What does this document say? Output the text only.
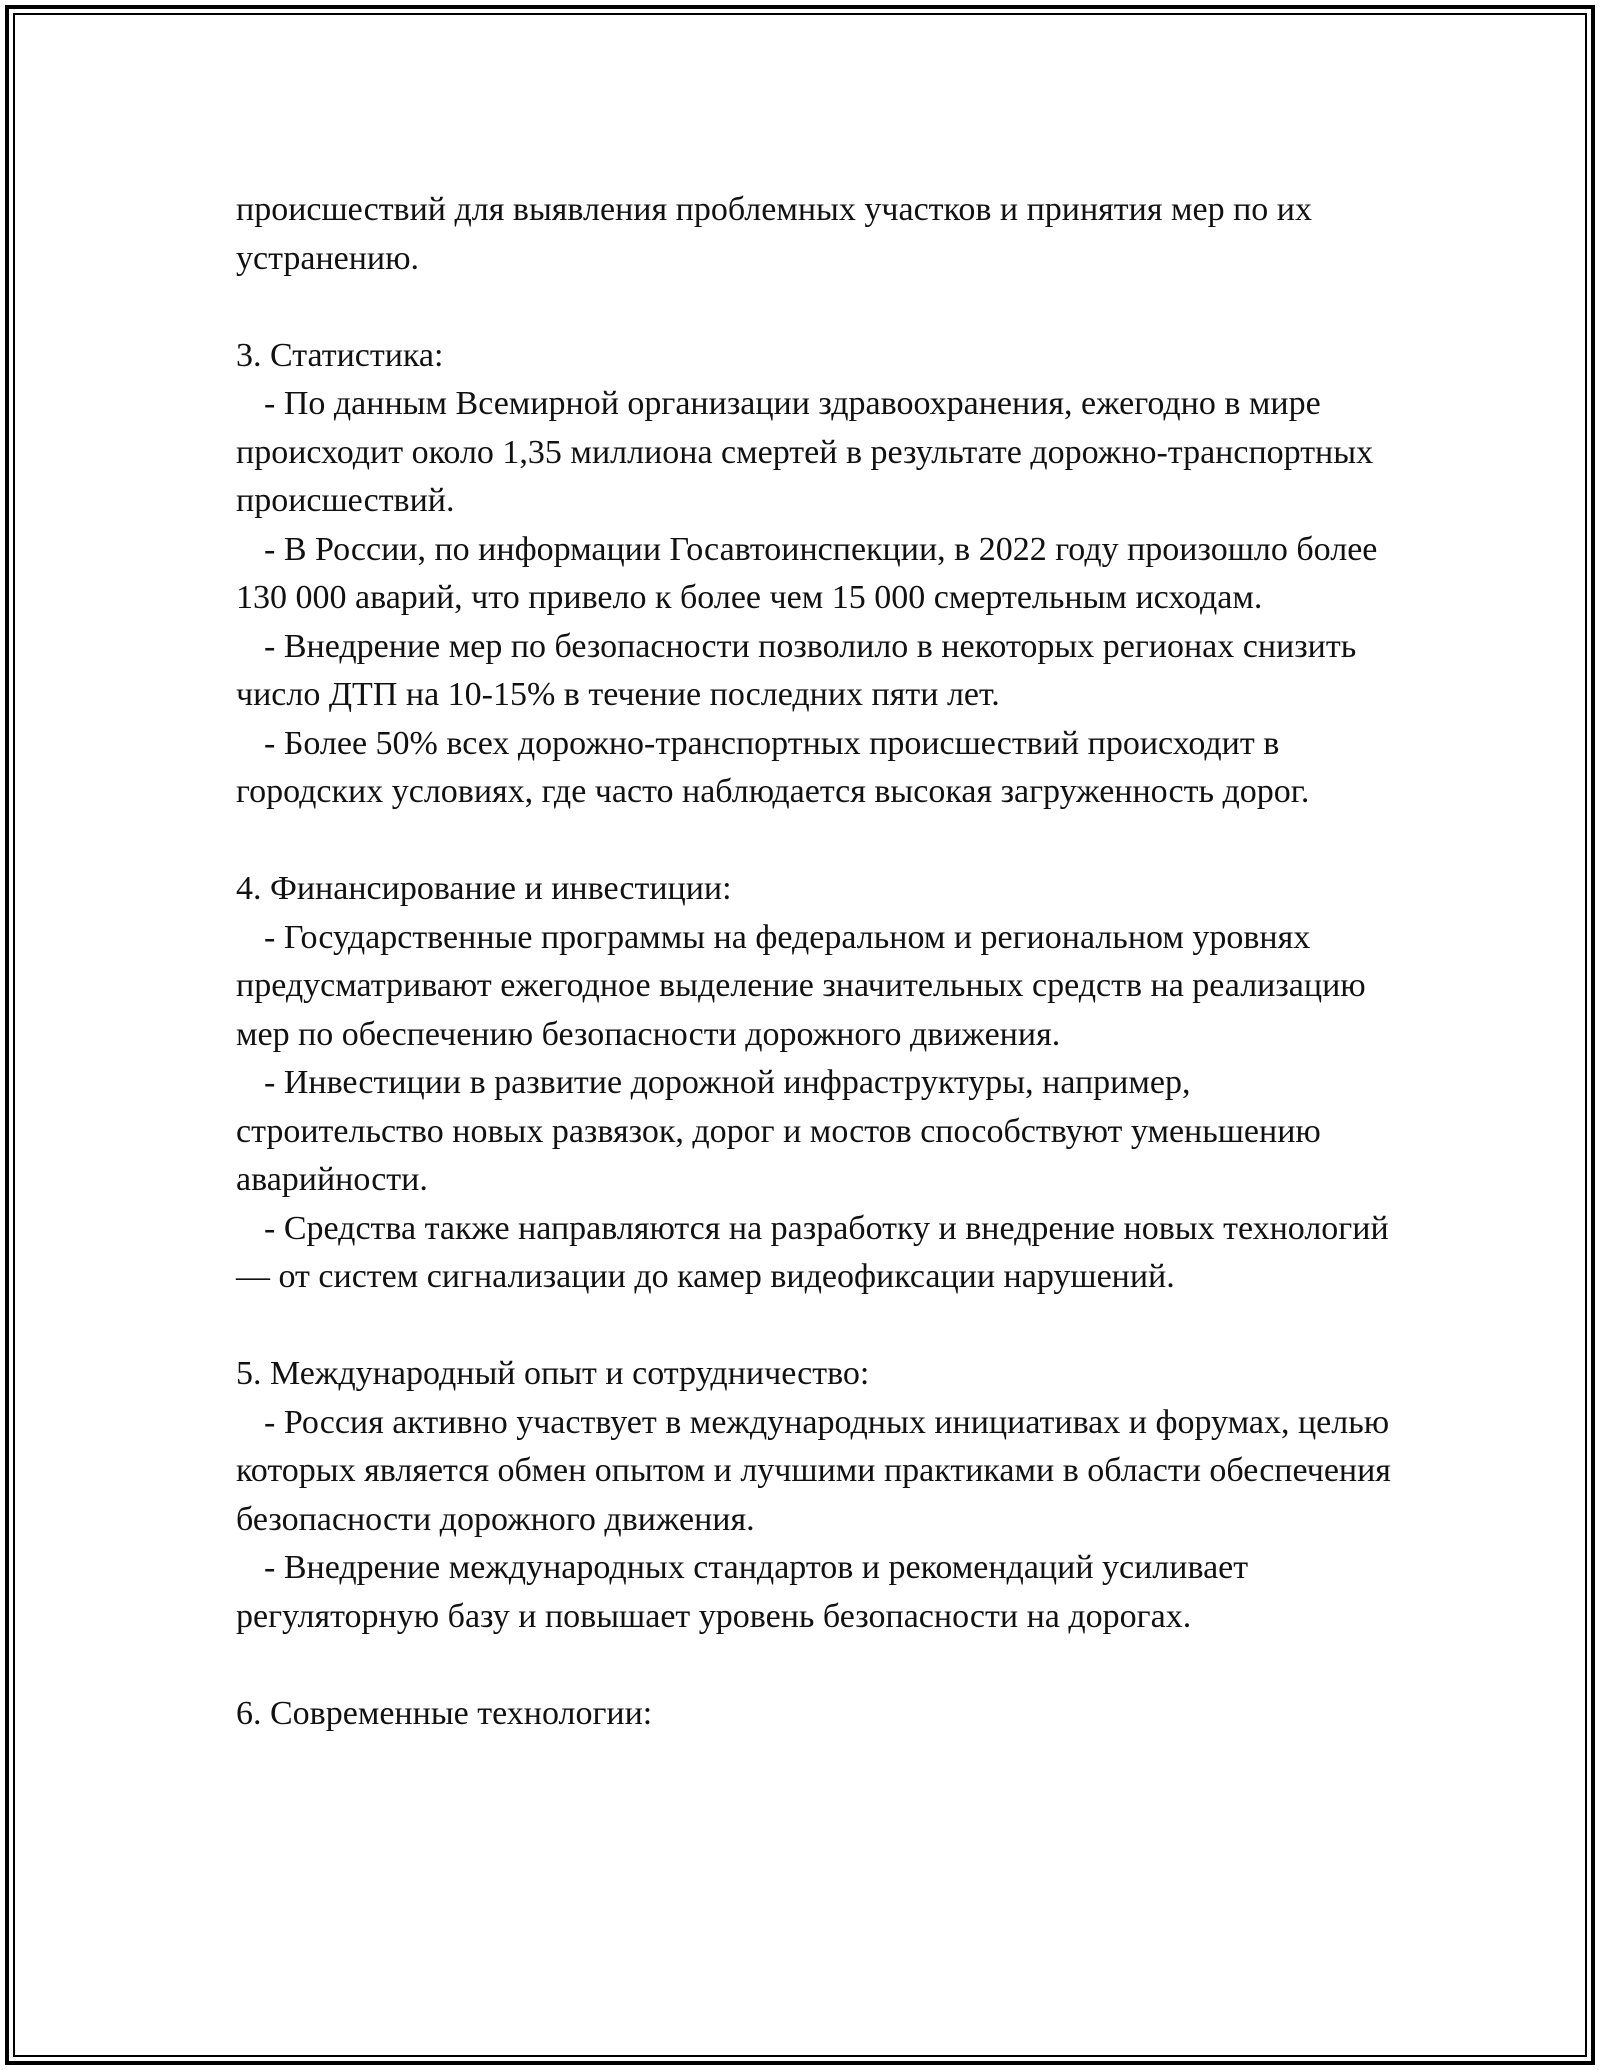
происшествий для выявления проблемных участков и принятия мер по их устранению.

3. Статистика:

- По данным Всемирной организации здравоохранения, ежегодно в мире происходит около 1,35 миллиона смертей в результате дорожно-транспортных происшествий.

- В России, по информации Госавтоинспекции, в 2022 году произошло более 130 000 аварий, что привело к более чем 15 000 смертельным исходам.

- Внедрение мер по безопасности позволило в некоторых регионах снизить число ДТП на 10-15% в течение последних пяти лет.

- Более 50% всех дорожно-транспортных происшествий происходит в городских условиях, где часто наблюдается высокая загруженность дорог.

4. Финансирование и инвестиции:

- Государственные программы на федеральном и региональном уровнях предусматривают ежегодное выделение значительных средств на реализацию мер по обеспечению безопасности дорожного движения.

- Инвестиции в развитие дорожной инфраструктуры, например, строительство новых развязок, дорог и мостов способствуют уменьшению аварийности.

- Средства также направляются на разработку и внедрение новых технологий — от систем сигнализации до камер видеофиксации нарушений.

5. Международный опыт и сотрудничество:

- Россия активно участвует в международных инициативах и форумах, целью которых является обмен опытом и лучшими практиками в области обеспечения безопасности дорожного движения.

- Внедрение международных стандартов и рекомендаций усиливает регуляторную базу и повышает уровень безопасности на дорогах.

6. Современные технологии:
